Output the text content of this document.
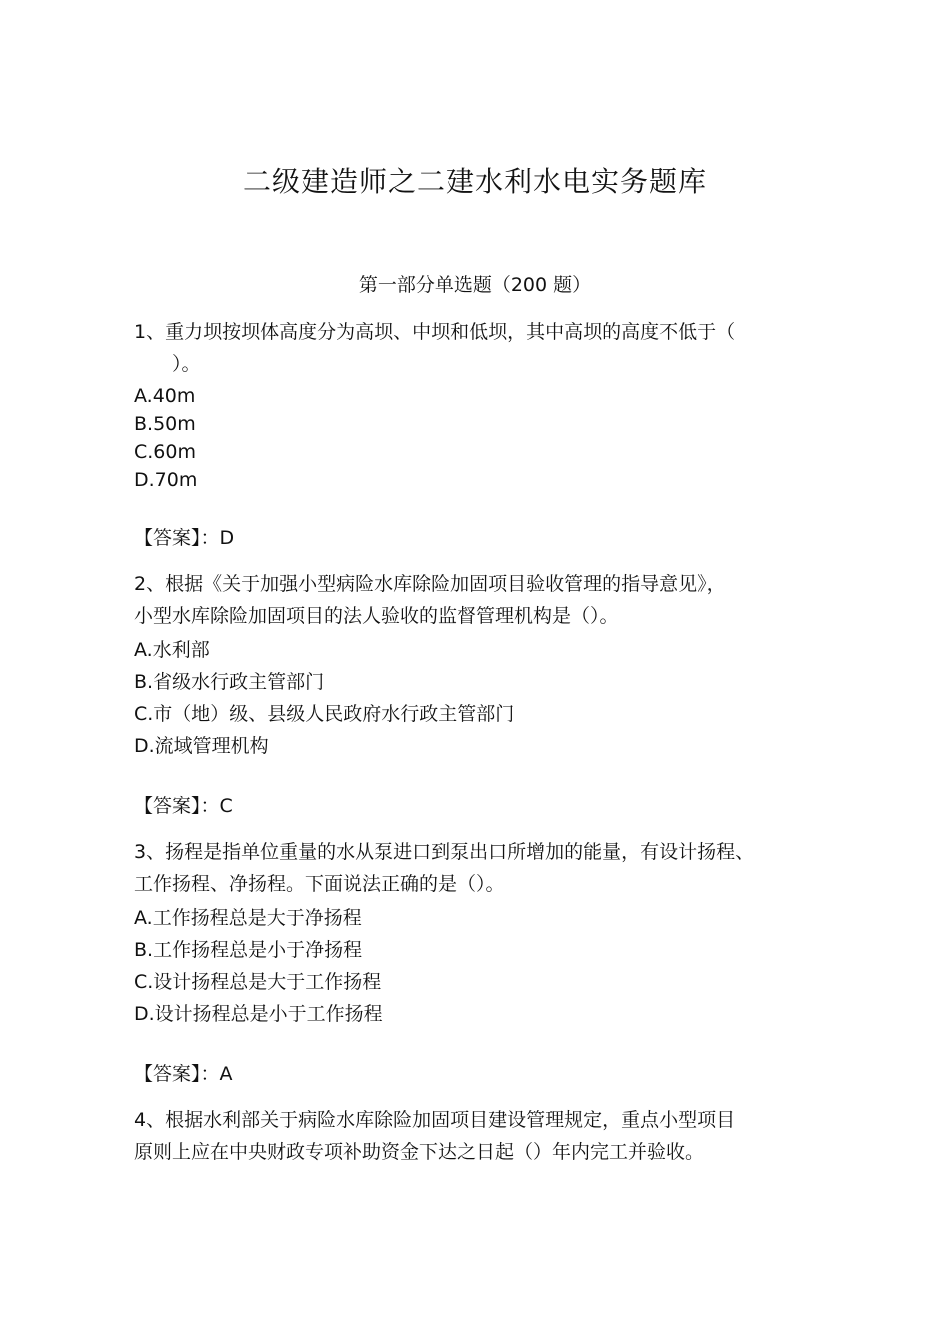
二级建造师之二建水利水电实务题库
第一部分单选题（200 题）
1、重力坝按坝体高度分为高坝、中坝和低坝，其中高坝的高度不低于（
　　）。
A.40m
B.50m
C.60m
D.70m
【答案】：D
2、根据《关于加强小型病险水库除险加固项目验收管理的指导意见》，
小型水库除险加固项目的法人验收的监督管理机构是（）。
A.水利部
B.省级水行政主管部门
C.市（地）级、县级人民政府水行政主管部门
D.流域管理机构
【答案】：C
3、扬程是指单位重量的水从泵进口到泵出口所增加的能量，有设计扬程、
工作扬程、净扬程。下面说法正确的是（）。
A.工作扬程总是大于净扬程
B.工作扬程总是小于净扬程
C.设计扬程总是大于工作扬程
D.设计扬程总是小于工作扬程
【答案】：A
4、根据水利部关于病险水库除险加固项目建设管理规定，重点小型项目
原则上应在中央财政专项补助资金下达之日起（）年内完工并验收。
